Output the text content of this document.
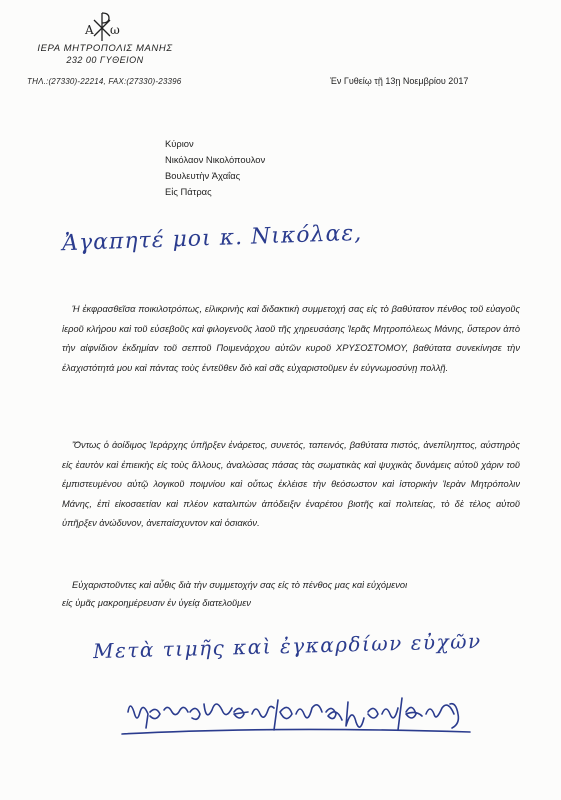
Α ω
ΙΕΡΑ ΜΗΤΡΟΠΟΛΙΣ ΜΑΝΗΣ
232 00 ΓΥΘΕΙΟΝ
ΤΗΛ.:(27330)-22214, FAX:(27330)-23396	Ἐν Γυθείῳ τῇ 13ῃ Νοεμβρίου 2017
Κύριον
Νικόλαον Νικολόπουλον
Βουλευτὴν Ἀχαΐας
Εἰς Πάτρας
Ἀγαπητέ μοι κ. Νικόλαε,
Ἡ ἐκφρασθεῖσα ποικιλοτρόπως, εἰλικρινὴς καὶ διδακτικὴ συμμετοχή σας εἰς τὸ βαθύτατον πένθος τοῦ εὐαγοῦς ἱεροῦ κλήρου καὶ τοῦ εὐσεβοῦς καὶ φιλογενοῦς λαοῦ τῆς χηρευσάσης Ἱερᾶς Μητροπόλεως Μάνης, ὕστερον ἀπὸ τὴν αἰφνίδιον ἐκδημίαν τοῦ σεπτοῦ Ποιμενάρχου αὐτῶν κυροῦ ΧΡΥΣΟΣΤΟΜΟΥ, βαθύτατα συνεκίνησε τὴν ἐλαχιστότητά μου καὶ πάντας τοὺς ἐντεῦθεν διὸ καὶ σᾶς εὐχαριστοῦμεν ἐν εὐγνωμοσύνῃ πολλῇ.
Ὄντως ὁ ἀοίδιμος Ἱεράρχης ὑπῆρξεν ἐνάρετος, συνετός, ταπεινός, βαθύτατα πιστός, ἀνεπίληπτος, αὐστηρὸς εἰς ἑαυτὸν καὶ ἐπιεικὴς εἰς τοὺς ἄλλους, ἀναλώσας πάσας τὰς σωματικὰς καὶ ψυχικὰς δυνάμεις αὐτοῦ χάριν τοῦ ἐμπιστευμένου αὐτῷ λογικοῦ ποιμνίου καὶ οὕτως ἐκλέισε τὴν θεόσωστον καὶ ἱστορικὴν Ἱερὰν Μητρόπολιν Μάνης, ἐπὶ εἰκοσαετίαν καὶ πλέον καταλιπὼν ἀπόδειξιν ἐναρέτου βιοτῆς καὶ πολιτείας, τὸ δὲ τέλος αὐτοῦ ὑπῆρξεν ἀνώδυνον, ἀνεπαίσχυντον καὶ ὁσιακόν.
Εὐχαριστοῦντες καὶ αὖθις διὰ τὴν συμμετοχήν σας εἰς τὸ πένθος μας καὶ εὐχόμενοι
εἰς ὑμᾶς μακροημέρευσιν ἐν ὑγείᾳ διατελοῦμεν
Μετὰ τιμῆς καὶ ἐγκαρδίων εὐχῶν
